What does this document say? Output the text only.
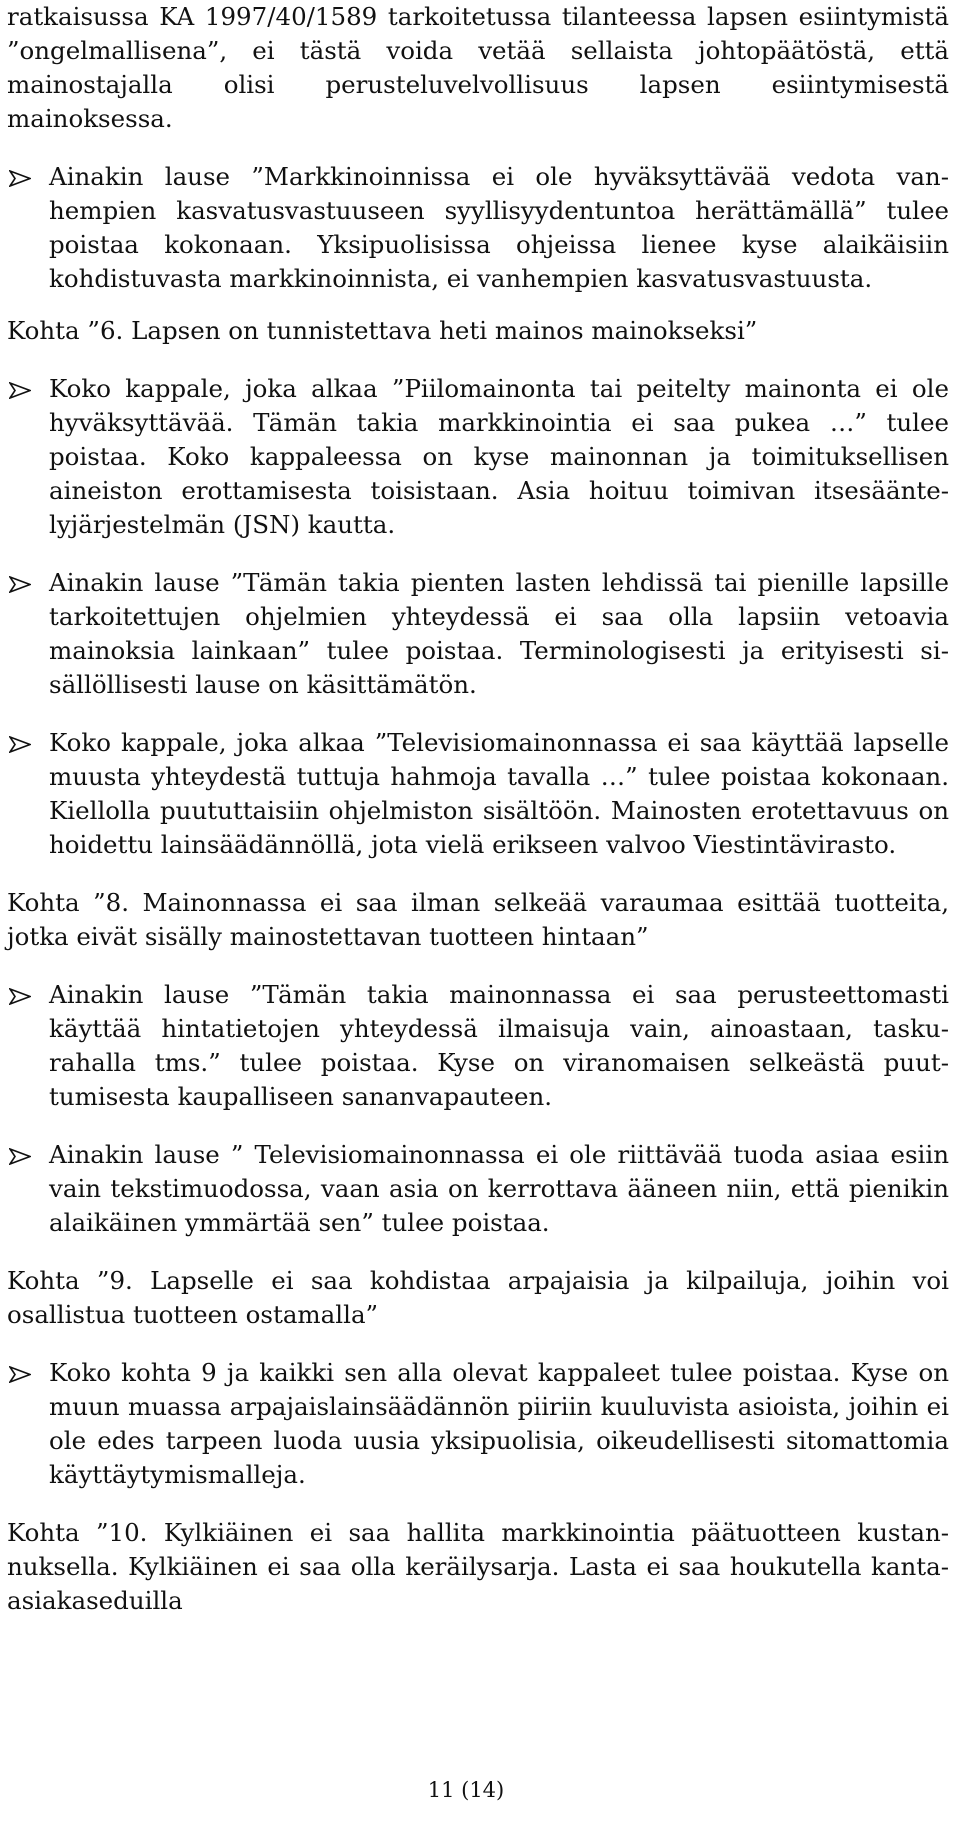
ratkaisussa KA 1997/40/1589 tarkoitetussa tilanteessa lapsen esiintymistä ”ongelmallisena”, ei tästä voida vetää sellaista johtopäätöstä, että mainostajalla olisi perusteluvelvollisuus lapsen esiintymisestä mainoksessa.

Ainakin lause ”Markkinoinnissa ei ole hyväksyttävää vedota vanhempien kasvatusvastuuseen syyllisyydentuntoa herättämällä” tulee poistaa kokonaan. Yksipuolisissa ohjeissa lienee kyse alaikäisiin kohdistuvasta markkinoinnista, ei vanhempien kasvatusvastuusta.

Kohta ”6. Lapsen on tunnistettava heti mainos mainokseksi”

Koko kappale, joka alkaa ”Piilomainonta tai peitelty mainonta ei ole hyväksyttävää. Tämän takia markkinointia ei saa pukea …” tulee poistaa. Koko kappaleessa on kyse mainonnan ja toimituksellisen aineiston erottamisesta toisistaan. Asia hoituu toimivan itsesääntelyjärjestelmän (JSN) kautta.

Ainakin lause ”Tämän takia pienten lasten lehdissä tai pienille lapsille tarkoitettujen ohjelmien yhteydessä ei saa olla lapsiin vetoavia mainoksia lainkaan” tulee poistaa. Terminologisesti ja erityisesti sisällöllisesti lause on käsittämätön.

Koko kappale, joka alkaa ”Televisiomainonnassa ei saa käyttää lapselle muusta yhteydestä tuttuja hahmoja tavalla …” tulee poistaa kokonaan. Kiellolla puututtaisiin ohjelmiston sisältöön. Mainosten erotettavuus on hoidettu lainsäädännöllä, jota vielä erikseen valvoo Viestintävirasto.

Kohta ”8. Mainonnassa ei saa ilman selkeää varaumaa esittää tuotteita, jotka eivät sisälly mainostettavan tuotteen hintaan”

Ainakin lause ”Tämän takia mainonnassa ei saa perusteettomasti käyttää hintatietojen yhteydessä ilmaisuja vain, ainoastaan, taskurahalla tms.” tulee poistaa. Kyse on viranomaisen selkeästä puuttumisesta kaupalliseen sananvapauteen.

Ainakin lause ” Televisiomainonnassa ei ole riittävää tuoda asiaa esiin vain tekstimuodossa, vaan asia on kerrottava ääneen niin, että pienikin alaikäinen ymmärtää sen” tulee poistaa.

Kohta ”9. Lapselle ei saa kohdistaa arpajaisia ja kilpailuja, joihin voi osallistua tuotteen ostamalla”

Koko kohta 9 ja kaikki sen alla olevat kappaleet tulee poistaa. Kyse on muun muassa arpajaislainsäädännön piiriin kuuluvista asioista, joihin ei ole edes tarpeen luoda uusia yksipuolisia, oikeudellisesti sitomattomia käyttäytymismalleja.

Kohta ”10. Kylkiäinen ei saa hallita markkinointia päätuotteen kustannuksella. Kylkiäinen ei saa olla keräilysarja. Lasta ei saa houkutella kanta-asiakaseduilla

11 (14)
